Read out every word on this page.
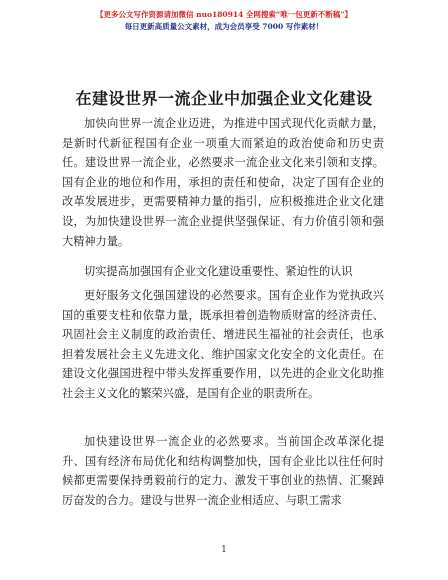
【更多公文写作资源请加微信 nuo180914 全网搜索“唯一包更新不断稿”】
每日更新高质量公文素材，成为会员享受 7000 写作素材！
在建设世界一流企业中加强企业文化建设
加快向世界一流企业迈进，为推进中国式现代化贡献力量，是新时代新征程国有企业一项重大而紧迫的政治使命和历史责任。建设世界一流企业，必然要求一流企业文化来引领和支撑。国有企业的地位和作用，承担的责任和使命，决定了国有企业的改革发展进步，更需要精神力量的指引，应积极推进企业文化建设，为加快建设世界一流企业提供坚强保证、有力价值引领和强大精神力量。
切实提高加强国有企业文化建设重要性、紧迫性的认识
更好服务文化强国建设的必然要求。国有企业作为党执政兴国的重要支柱和依靠力量，既承担着创造物质财富的经济责任、巩固社会主义制度的政治责任、增进民生福祉的社会责任，也承担着发展社会主义先进文化、维护国家文化安全的文化责任。在建设文化强国进程中带头发挥重要作用，以先进的企业文化助推社会主义文化的繁荣兴盛，是国有企业的职责所在。
加快建设世界一流企业的必然要求。当前国企改革深化提升、国有经济布局优化和结构调整加快，国有企业比以往任何时候都更需要保持勇毅前行的定力、激发干事创业的热情、汇聚踔厉奋发的合力。建设与世界一流企业相适应、与职工需求
1
